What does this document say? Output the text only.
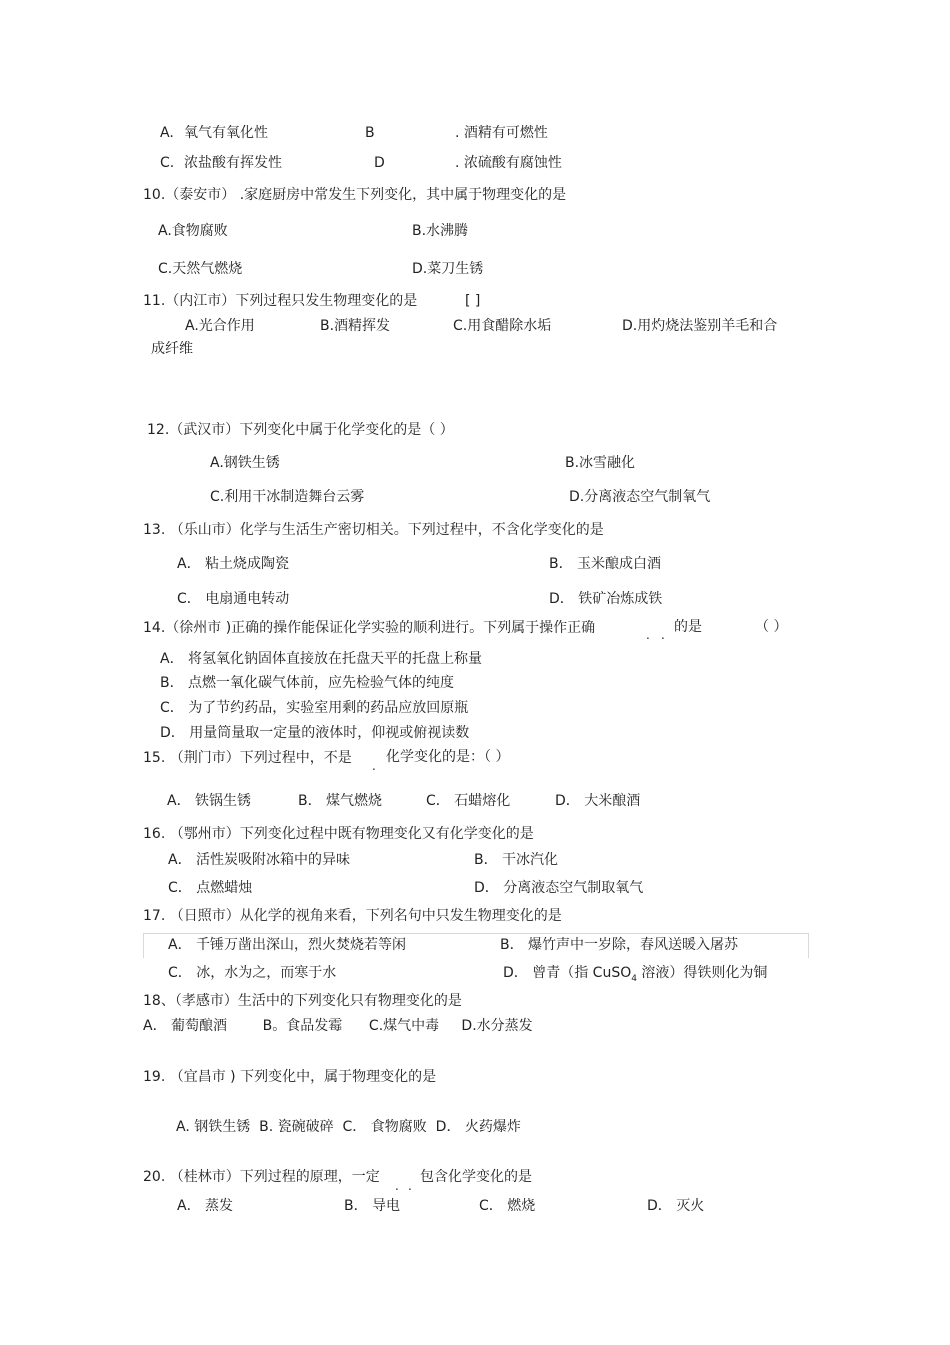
A. 氧气有氧化性	B	. 酒精有可燃性
C. 浓盐酸有挥发性	D	. 浓硫酸有腐蚀性
10.（泰安市） .家庭厨房中常发生下列变化，其中属于物理变化的是
A.食物腐败	B.水沸腾
C.天然气燃烧	D.菜刀生锈
11.（内江市）下列过程只发生物理变化的是	[ ]
A.光合作用	B.酒精挥发	C.用食醋除水垢	D.用灼烧法鉴别羊毛和合
成纤维
12.（武汉市）下列变化中属于化学变化的是（ ）
A.钢铁生锈	B.冰雪融化
C.利用干冰制造舞台云雾	D.分离液态空气制氧气
13. （乐山市）化学与生活生产密切相关。下列过程中，不含化学变化的是
A． 粘土烧成陶瓷	B． 玉米酿成白酒
C． 电扇通电转动	D． 铁矿冶炼成铁
14.（徐州市 )正确的操作能保证化学实验的顺利进行。下列属于操作正确	. . 的是	（ ）
A． 将氢氧化钠固体直接放在托盘天平的托盘上称量
B． 点燃一氧化碳气体前，应先检验气体的纯度
C． 为了节约药品，实验室用剩的药品应放回原瓶
D． 用量筒量取一定量的液体时，仰视或俯视读数
15. （荆门市）下列过程中，不是 .
化学变化的是：（ ）
A． 铁锅生锈	B． 煤气燃烧	C． 石蜡熔化	D． 大米酿酒
16. （鄂州市）下列变化过程中既有物理变化又有化学变化的是
A． 活性炭吸附冰箱中的异味	B． 干冰汽化
C． 点燃蜡烛	D． 分离液态空气制取氧气
17. （日照市）从化学的视角来看，下列名句中只发生物理变化的是
A． 千锤万凿出深山，烈火焚烧若等闲	B． 爆竹声中一岁除，春风送暖入屠苏
C． 冰，水为之，而寒于水	D． 曾青（指 CuSO$_4$ 溶液）得铁则化为铜
18、（孝感市）生活中的下列变化只有物理变化的是
A． 葡萄酿酒        B。食品发霉      C.煤气中毒     D.水分蒸发
19. （宜昌市 ) 下列变化中，属于物理变化的是
A. 钢铁生锈  B. 瓷碗破碎  C． 食物腐败  D． 火药爆炸
20. （桂林市）下列过程的原理，一定
. .
包含化学变化的是
A． 蒸发	B． 导电	C． 燃烧	D． 灭火
